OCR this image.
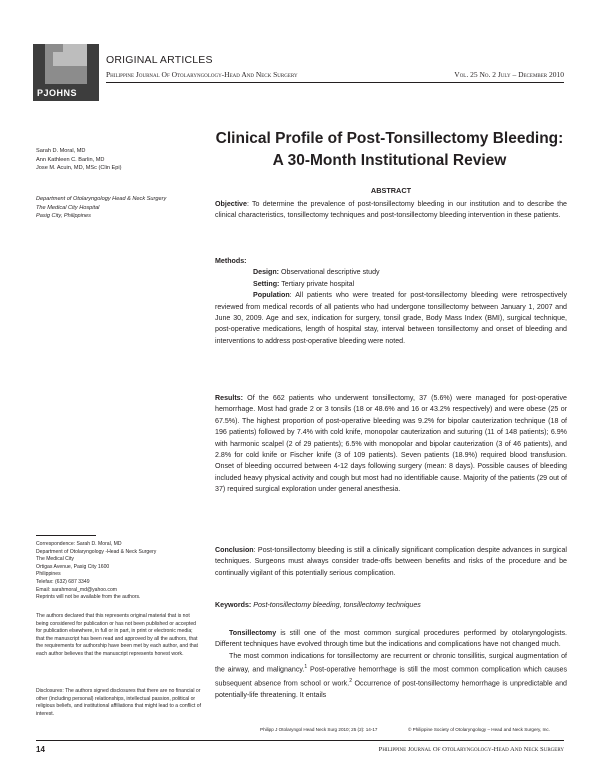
PJOHNS
ORIGINAL ARTICLES
Philippine Journal Of Otolaryngology-Head And Neck Surgery	Vol. 25 No. 2 July – December 2010
Clinical Profile of Post-Tonsillectomy Bleeding:
A 30-Month Institutional Review
Sarah D. Moral, MD
Ann Kathleen C. Barlin, MD
Jose M. Acuin, MD, MSc (Clin Epi)
Department of Otolaryngology Head & Neck Surgery
The Medical City Hospital
Pasig City, Philippines
Correspondence: Sarah D. Moral, MD
Department of Otolaryngology -Head & Neck Surgery
The Medical City
Ortigas Avenue, Pasig City 1600
Philippines
Telefax: (632) 687 3349
Email: sarahmoral_md@yahoo.com
Reprints will not be available from the authors.
The authors declared that this represents original material that is not being considered for publication or has not been published or accepted for publication elsewhere, in full or in part, in print or electronic media; that the manuscript has been read and approved by all the authors, that the requirements for authorship have been met by each author, and that each author believes that the manuscript represents honest work.
Disclosures: The authors signed disclosures that there are no financial or other (including personal) relationships, intellectual passion, political or religious beliefs, and institutional affiliations that might lead to a conflict of interest.
ABSTRACT

Objective: To determine the prevalence of post-tonsillectomy bleeding in our institution and to describe the clinical characteristics, tonsillectomy techniques and post-tonsillectomy bleeding intervention in these patients.

Methods:

Design: Observational descriptive study

Setting: Tertiary private hospital

Population: All patients who were treated for post-tonsillectomy bleeding were retrospectively reviewed from medical records of all patients who had undergone tonsillectomy between January 1, 2007 and June 30, 2009. Age and sex, indication for surgery, tonsil grade, Body Mass Index (BMI), surgical technique, post-operative medications, length of hospital stay, interval between tonsillectomy and onset of bleeding and interventions to address post-operative bleeding were noted.

Results: Of the 662 patients who underwent tonsillectomy, 37 (5.6%) were managed for post-operative hemorrhage. Most had grade 2 or 3 tonsils (18 or 48.6% and 16 or 43.2% respectively) and were obese (25 or 67.5%). The highest proportion of post-operative bleeding was 9.2% for bipolar cauterization technique (18 of 196 patients) followed by 7.4% with cold knife, monopolar cauterization and suturing (11 of 148 patients); 6.9% with harmonic scalpel (2 of 29 patients); 6.5% with monopolar and bipolar cauterization (3 of 46 patients), and 2.8% for cold knife or Fischer knife (3 of 109 patients). Seven patients (18.9%) required blood transfusion. Onset of bleeding occurred between 4-12 days following surgery (mean: 8 days). Possible causes of bleeding included heavy physical activity and cough but most had no identifiable cause. Majority of the patients (29 out of 37) required surgical exploration under general anesthesia.

Conclusion: Post-tonsillectomy bleeding is still a clinically significant complication despite advances in surgical techniques. Surgeons must always consider trade-offs between benefits and risks of the procedure and be continually vigilant of this potentially serious complication.

Keywords: Post-tonsillectomy bleeding, tonsillectomy techniques

Tonsillectomy is still one of the most common surgical procedures performed by otolaryngologists. Different techniques have evolved through time but the indications and complications have not changed much.

The most common indications for tonsillectomy are recurrent or chronic tonsillitis, surgical augmentation of the airway, and malignancy.$^1$ Post-operative hemorrhage is still the most common complication which causes subsequent absence from school or work.$^2$ Occurrence of post-tonsillectomy hemorrhage is unpredictable and potentially-life threatening. It entails

Philipp J Otolaryngol Head Neck Surg 2010; 25 (2): 14-17	© Philippine Society of Otolaryngology – Head and Neck Surgery, Inc.
14	Philippine Journal Of Otolaryngology-Head And Neck Surgery
